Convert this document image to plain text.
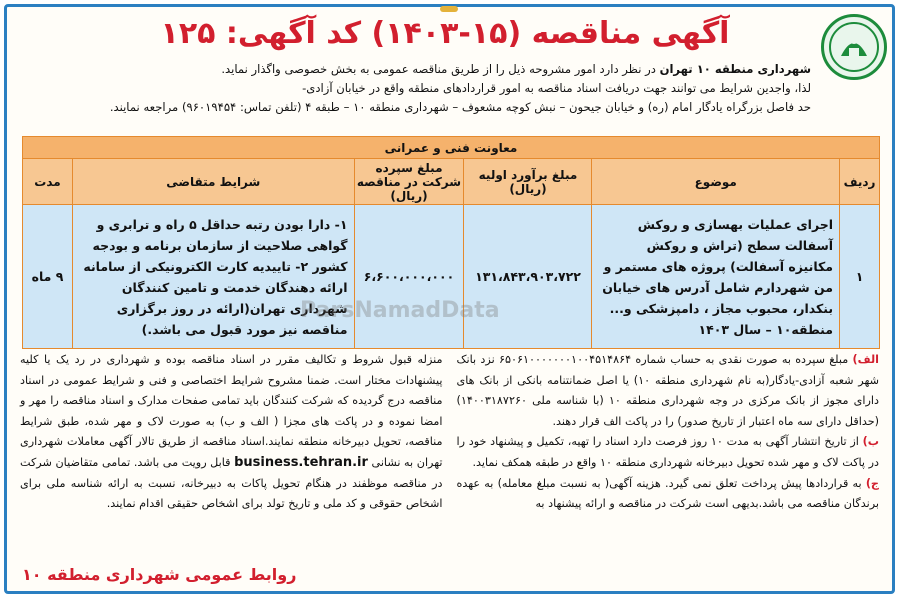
آگهی مناقصه (۱۵-۱۴۰۳) کد آگهی: ۱۲۵
شهرداری منطقه ۱۰ تهران در نظر دارد امور مشروحه ذیل را از طریق مناقصه عمومی به بخش خصوصی واگذار نماید.
لذا، واجدین شرایط می توانند جهت دریافت اسناد مناقصه به امور قراردادهای منطقه واقع در خیابان آزادی-
حد فاصل بزرگراه یادگار امام (ره) و خیابان جیحون – نبش کوچه مشعوف – شهرداری منطقه ۱۰ – طبقه ۴ (تلفن تماس: ۹۶۰۱۹۴۵۴) مراجعه نمایند.
معاونت فنی و عمرانی					
ردیف	موضوع	مبلغ برآورد اولیه (ریال)	مبلغ سپرده شرکت در مناقصه (ریال)	شرایط متقاضی	مدت
۱	اجرای عملیات بهسازی و روکش آسفالت سطح (تراش و روکش مکانیزه آسفالت) پروژه های مستمر و من شهردارم شامل آدرس های خیابان بنکدار، محبوب مجاز ، دامپزشکی و... منطقه۱۰ – سال ۱۴۰۳	۱۳۱،۸۴۳،۹۰۳،۷۲۲	۶،۶۰۰،۰۰۰،۰۰۰	۱- دارا بودن رتبه حداقل ۵ راه و ترابری و گواهی صلاحیت از سازمان برنامه و بودجه کشور ۲- تاییدیه کارت الکترونیکی از سامانه ارائه دهندگان خدمت و تامین کنندگان شهرداری تهران(ارائه در روز برگزاری مناقصه نیز مورد قبول می باشد.)	۹ ماه
ParsNamadData
الف) مبلغ سپرده به صورت نقدی به حساب شماره ۶۵۰۶۱۰۰۰۰۰۰۰۱۰۰۴۵۱۴۸۶۴ نزد بانک شهر شعبه آزادی-یادگار(به نام شهرداری منطقه ۱۰) یا اصل ضمانتنامه بانکی از بانک های دارای مجوز از بانک مرکزی در وجه شهرداری منطقه ۱۰ (با شناسه ملی ۱۴۰۰۳۱۸۷۲۶۰) (حداقل دارای سه ماه اعتبار از تاریخ صدور) را در پاکت الف قرار دهند.
ب) از تاریخ انتشار آگهی به مدت ۱۰ روز فرصت دارد اسناد را تهیه، تکمیل و پیشنهاد خود را در پاکت لاک و مهر شده تحویل دبیرخانه شهرداری منطقه ۱۰ واقع در طبقه همکف نماید.
ج) به قراردادها پیش پرداخت تعلق نمی گیرد. هزینه آگهی( به نسبت مبلغ معامله) به عهده برندگان مناقصه می باشد.بدیهی است شرکت در مناقصه و ارائه پیشنهاد به
منزله قبول شروط و تکالیف مقرر در اسناد مناقصه بوده و شهرداری در رد یک یا کلیه پیشنهادات مختار است. ضمنا مشروح شرایط اختصاصی و فنی و شرایط عمومی در اسناد مناقصه درج گردیده که شرکت کنندگان باید تمامی صفحات مدارک و اسناد مناقصه را مهر و امضا نموده و در پاکت های مجزا ( الف و ب) به صورت لاک و مهر شده، طبق شرایط مناقصه، تحویل دبیرخانه منطقه نمایند.اسناد مناقصه از طریق تالار آگهی معاملات شهرداری تهران به نشانی business.tehran.ir قابل رویت می باشد. تمامی متقاضیان شرکت در مناقصه موظفند در هنگام تحویل پاکات به دبیرخانه، نسبت به ارائه شناسه ملی برای اشخاص حقوقی و کد ملی و تاریخ تولد برای اشخاص حقیقی اقدام نمایند.
روابط عمومی شهرداری منطقه ۱۰
